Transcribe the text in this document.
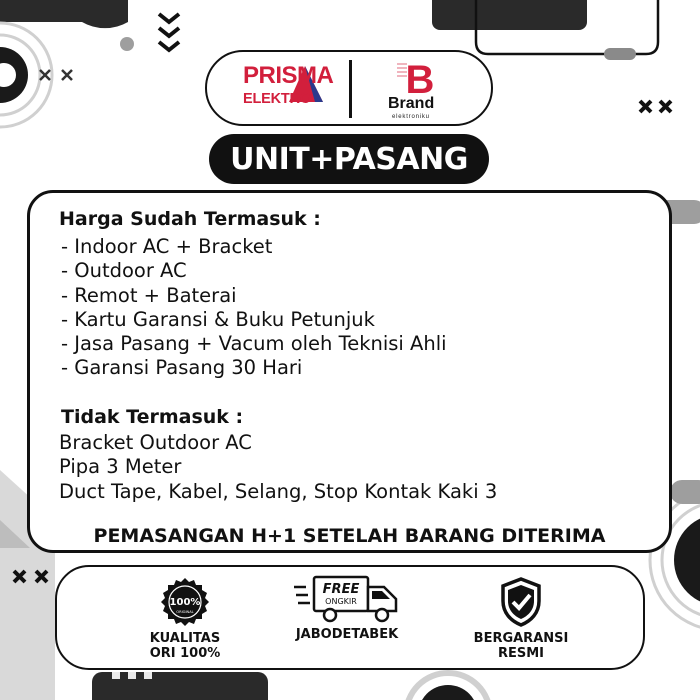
PRISMA
ELEKTRO B
Brand
elektroniku
UNIT+PASANG
Harga Sudah Termasuk :
- Indoor AC + Bracket
- Outdoor AC
- Remot + Baterai
- Kartu Garansi & Buku Petunjuk
- Jasa Pasang + Vacum oleh Teknisi Ahli
- Garansi Pasang 30 Hari
Tidak Termasuk :
Bracket Outdoor AC
Pipa 3 Meter
Duct Tape, Kabel, Selang, Stop Kontak Kaki 3
PEMASANGAN H+1 SETELAH BARANG DITERIMA
100%
ORIGINAL
KUALITAS
ORI 100%
FREE
ONGKIR
JABODETABEK	BERGARANSI
RESMI
